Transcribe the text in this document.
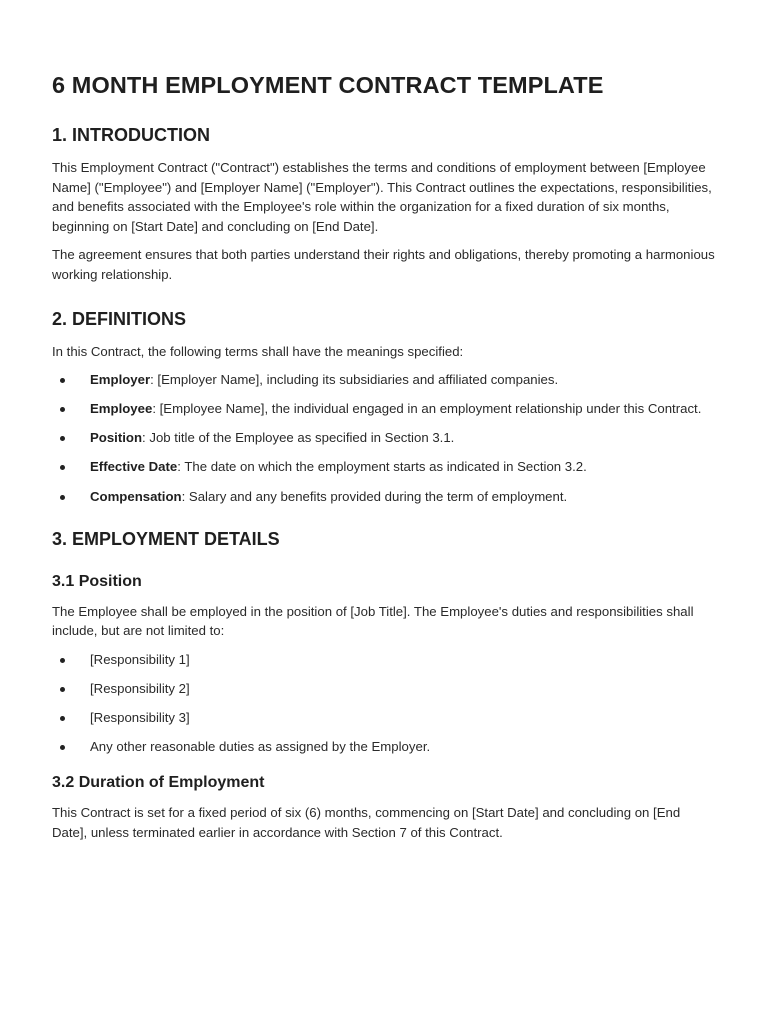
6 MONTH EMPLOYMENT CONTRACT TEMPLATE
1. INTRODUCTION

This Employment Contract ("Contract") establishes the terms and conditions of employment between [Employee Name] ("Employee") and [Employer Name] ("Employer"). This Contract outlines the expectations, responsibilities, and benefits associated with the Employee's role within the organization for a fixed duration of six months, beginning on [Start Date] and concluding on [End Date].

The agreement ensures that both parties understand their rights and obligations, thereby promoting a harmonious working relationship.

2. DEFINITIONS

In this Contract, the following terms shall have the meanings specified:

Employer: [Employer Name], including its subsidiaries and affiliated companies.
Employee: [Employee Name], the individual engaged in an employment relationship under this Contract.
Position: Job title of the Employee as specified in Section 3.1.
Effective Date: The date on which the employment starts as indicated in Section 3.2.
Compensation: Salary and any benefits provided during the term of employment.
3. EMPLOYMENT DETAILS
3.1 Position

The Employee shall be employed in the position of [Job Title]. The Employee's duties and responsibilities shall include, but are not limited to:

[Responsibility 1]
[Responsibility 2]
[Responsibility 3]
Any other reasonable duties as assigned by the Employer.
3.2 Duration of Employment

This Contract is set for a fixed period of six (6) months, commencing on [Start Date] and concluding on [End Date], unless terminated earlier in accordance with Section 7 of this Contract.
